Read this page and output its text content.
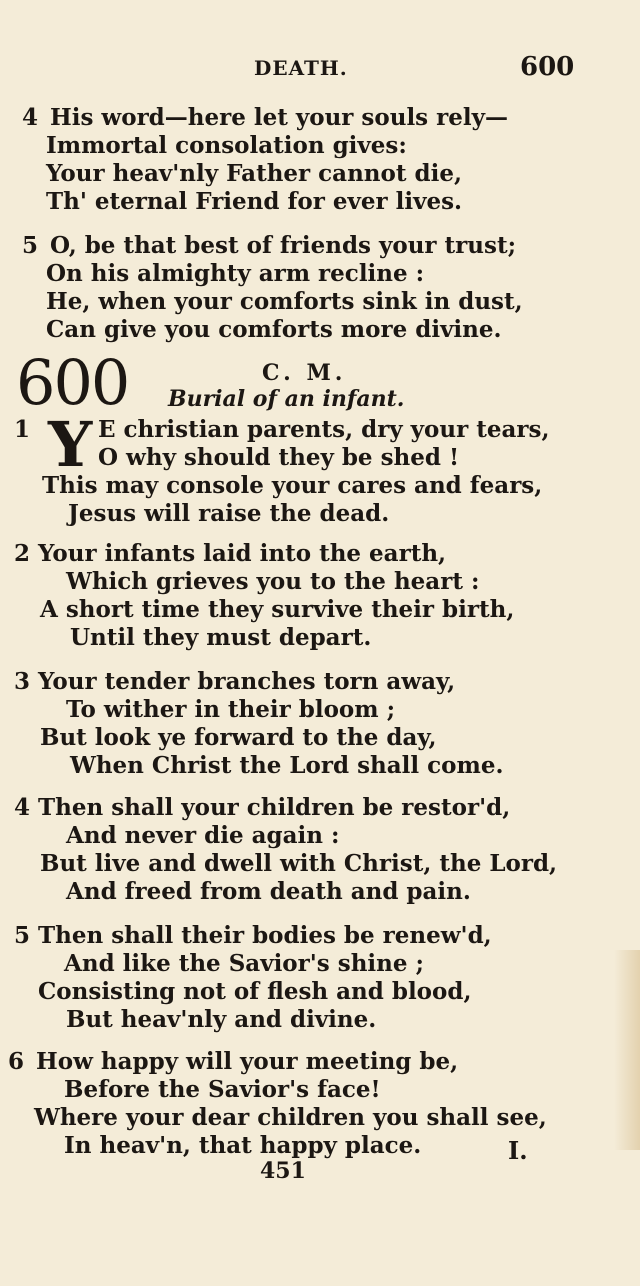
DEATH.	600
4 His word—here let your souls rely—
Immortal consolation gives:
Your heav'nly Father cannot die,
Th' eternal Friend for ever lives.
5 O, be that best of friends your trust;
On his almighty arm recline :
He, when your comforts sink in dust,
Can give you comforts more divine.
600	C. M.
Burial of an infant.
Y
1	E christian parents, dry your tears,
O why should they be shed !
This may console your cares and fears,
Jesus will raise the dead.
2 Your infants laid into the earth,
Which grieves you to the heart :
A short time they survive their birth,
Until they must depart.
3 Your tender branches torn away,
To wither in their bloom ;
But look ye forward to the day,
When Christ the Lord shall come.
4 Then shall your children be restor'd,
And never die again :
But live and dwell with Christ, the Lord,
And freed from death and pain.
5 Then shall their bodies be renew'd,
And like the Savior's shine ;
Consisting not of flesh and blood,
But heav'nly and divine.
6 How happy will your meeting be,
Before the Savior's face!
Where your dear children you shall see,
In heav'n, that happy place.	I.
451
